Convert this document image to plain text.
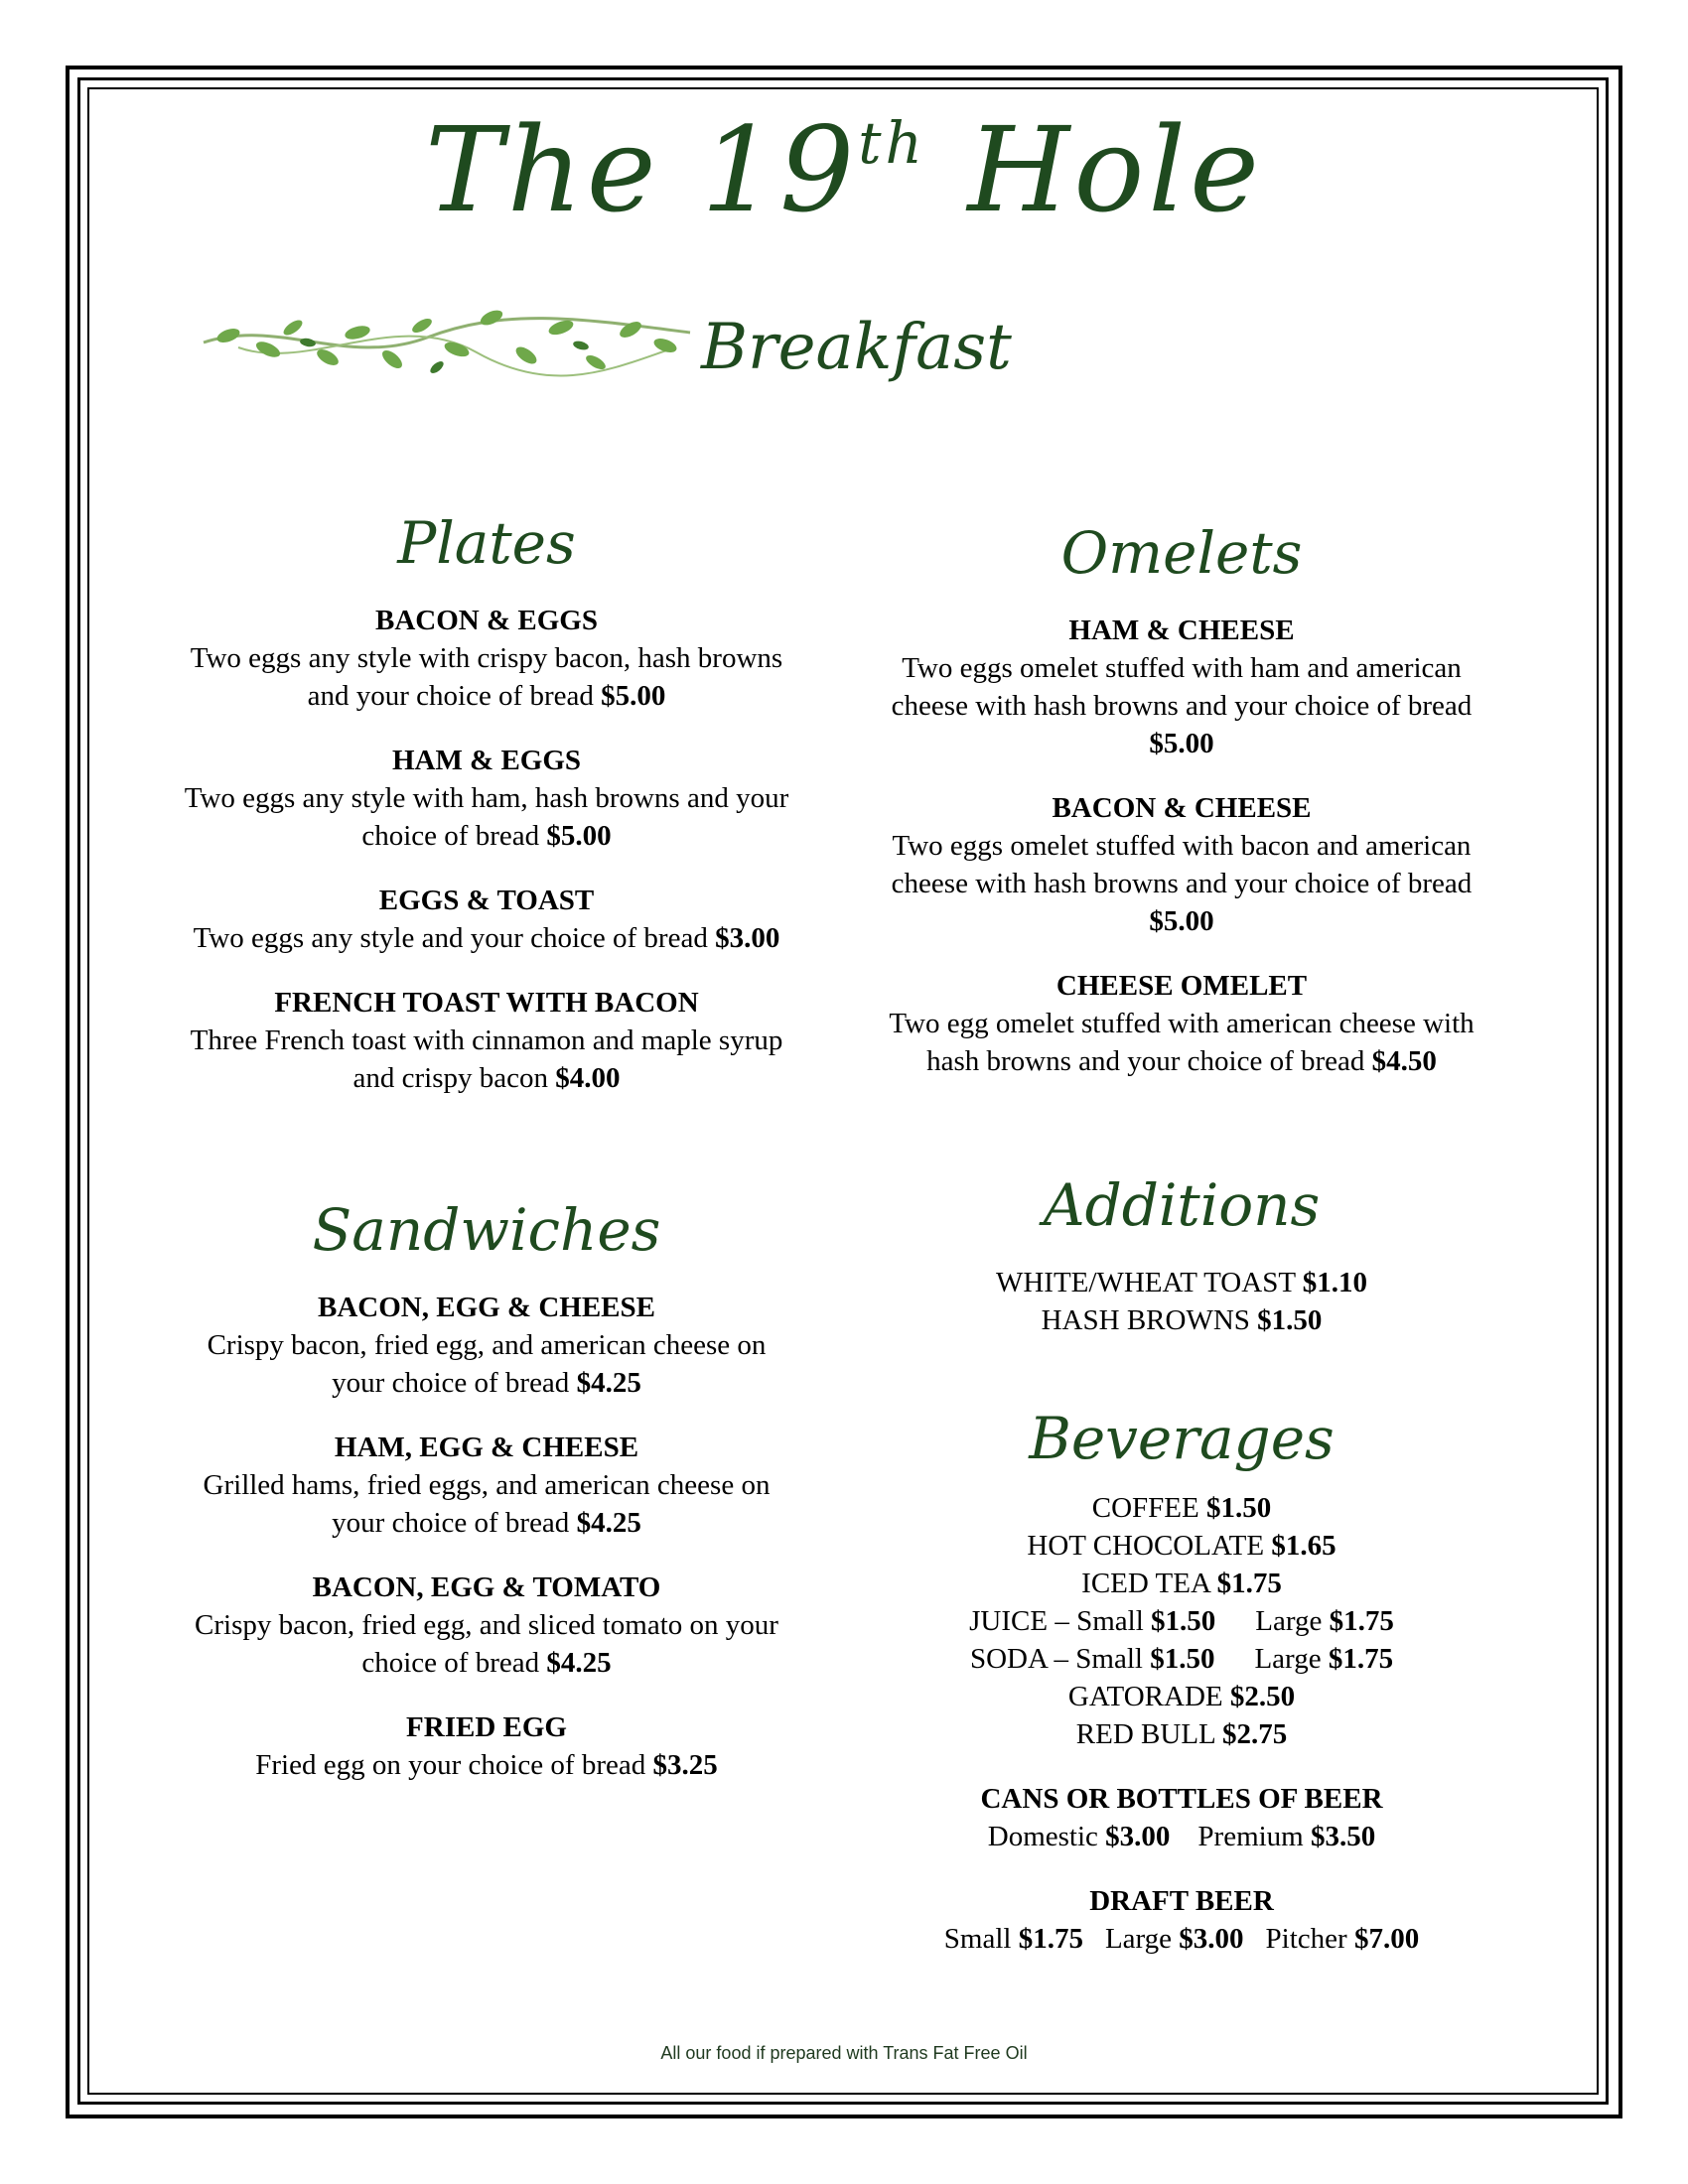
The 19th Hole
Breakfast
Plates
BACON & EGGS
Two eggs any style with crispy bacon, hash browns and your choice of bread $5.00
HAM & EGGS
Two eggs any style with ham, hash browns and your choice of bread $5.00
EGGS & TOAST
Two eggs any style and your choice of bread $3.00
FRENCH TOAST WITH BACON
Three French toast with cinnamon and maple syrup and crispy bacon $4.00
Sandwiches
BACON, EGG & CHEESE
Crispy bacon, fried egg, and american cheese on your choice of bread $4.25
HAM, EGG & CHEESE
Grilled hams, fried eggs, and american cheese on your choice of bread $4.25
BACON, EGG & TOMATO
Crispy bacon, fried egg, and sliced tomato on your choice of bread $4.25
FRIED EGG
Fried egg on your choice of bread $3.25
Omelets
HAM & CHEESE
Two eggs omelet stuffed with ham and american cheese with hash browns and your choice of bread $5.00
BACON & CHEESE
Two eggs omelet stuffed with bacon and american cheese with hash browns and your choice of bread $5.00
CHEESE OMELET
Two egg omelet stuffed with american cheese with hash browns and your choice of bread $4.50
Additions
WHITE/WHEAT TOAST $1.10
HASH BROWNS $1.50
Beverages
COFFEE $1.50
HOT CHOCOLATE $1.65
ICED TEA $1.75
JUICE – Small $1.50 Large $1.75
SODA – Small $1.50 Large $1.75
GATORADE $2.50
RED BULL $2.75
CANS OR BOTTLES OF BEER
Domestic $3.00 Premium $3.50
DRAFT BEER
Small $1.75 Large $3.00 Pitcher $7.00
All our food if prepared with Trans Fat Free Oil
